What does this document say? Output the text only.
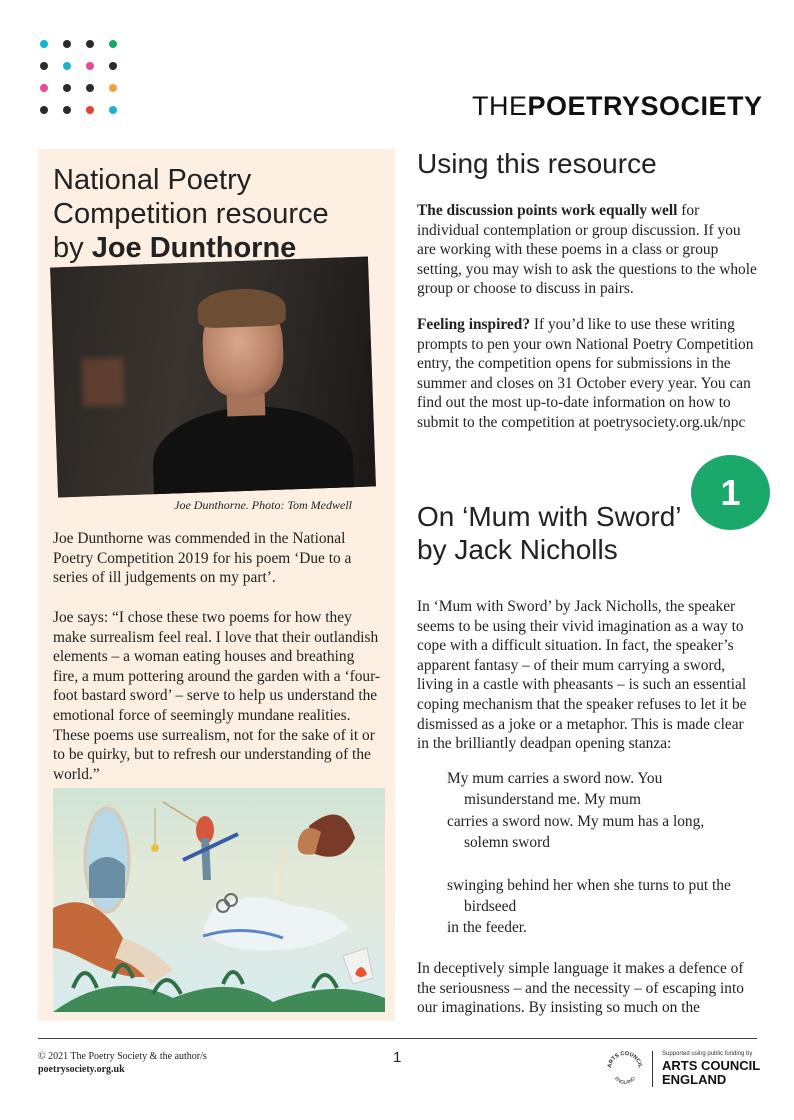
THEPOETRYSOCIETY
National Poetry
Competition resource
by Joe Dunthorne
Joe Dunthorne. Photo: Tom Medwell

Joe Dunthorne was commended in the National Poetry Competition 2019 for his poem ‘Due to a series of ill judgements on my part’.

Joe says: “I chose these two poems for how they make surrealism feel real. I love that their outlandish elements – a woman eating houses and breathing fire, a mum pottering around the garden with a ‘four-foot bastard sword’ – serve to help us understand the emotional force of seemingly mundane realities. These poems use surrealism, not for the sake of it or to be quirky, but to refresh our understanding of the world.”

Using this resource

The discussion points work equally well for individual contemplation or group discussion. If you are working with these poems in a class or group setting, you may wish to ask the questions to the whole group or choose to discuss in pairs.

Feeling inspired? If you’d like to use these writing prompts to pen your own National Poetry Competition entry, the competition opens for submissions in the summer and closes on 31 October every year. You can find out the most up-to-date information on how to submit to the competition at poetrysociety.org.uk/npc

1
On ‘Mum with Sword’
by Jack Nicholls

In ‘Mum with Sword’ by Jack Nicholls, the speaker seems to be using their vivid imagination as a way to cope with a difficult situation. In fact, the speaker’s apparent fantasy – of their mum carrying a sword, living in a castle with pheasants – is such an essential coping mechanism that the speaker refuses to let it be dismissed as a joke or a metaphor. This is made clear in the brilliantly deadpan opening stanza:

My mum carries a sword now. You
misunderstand me. My mum
carries a sword now. My mum has a long,
solemn sword
swinging behind her when she turns to put the
birdseed
in the feeder.

In deceptively simple language it makes a defence of the seriousness – and the necessity – of escaping into our imaginations. By insisting so much on the

© 2021 The Poetry Society & the author/s
poetrysociety.org.uk
1	ARTS COUNCIL
ENGLAND
Supported using public funding by
ARTS COUNCIL
ENGLAND
